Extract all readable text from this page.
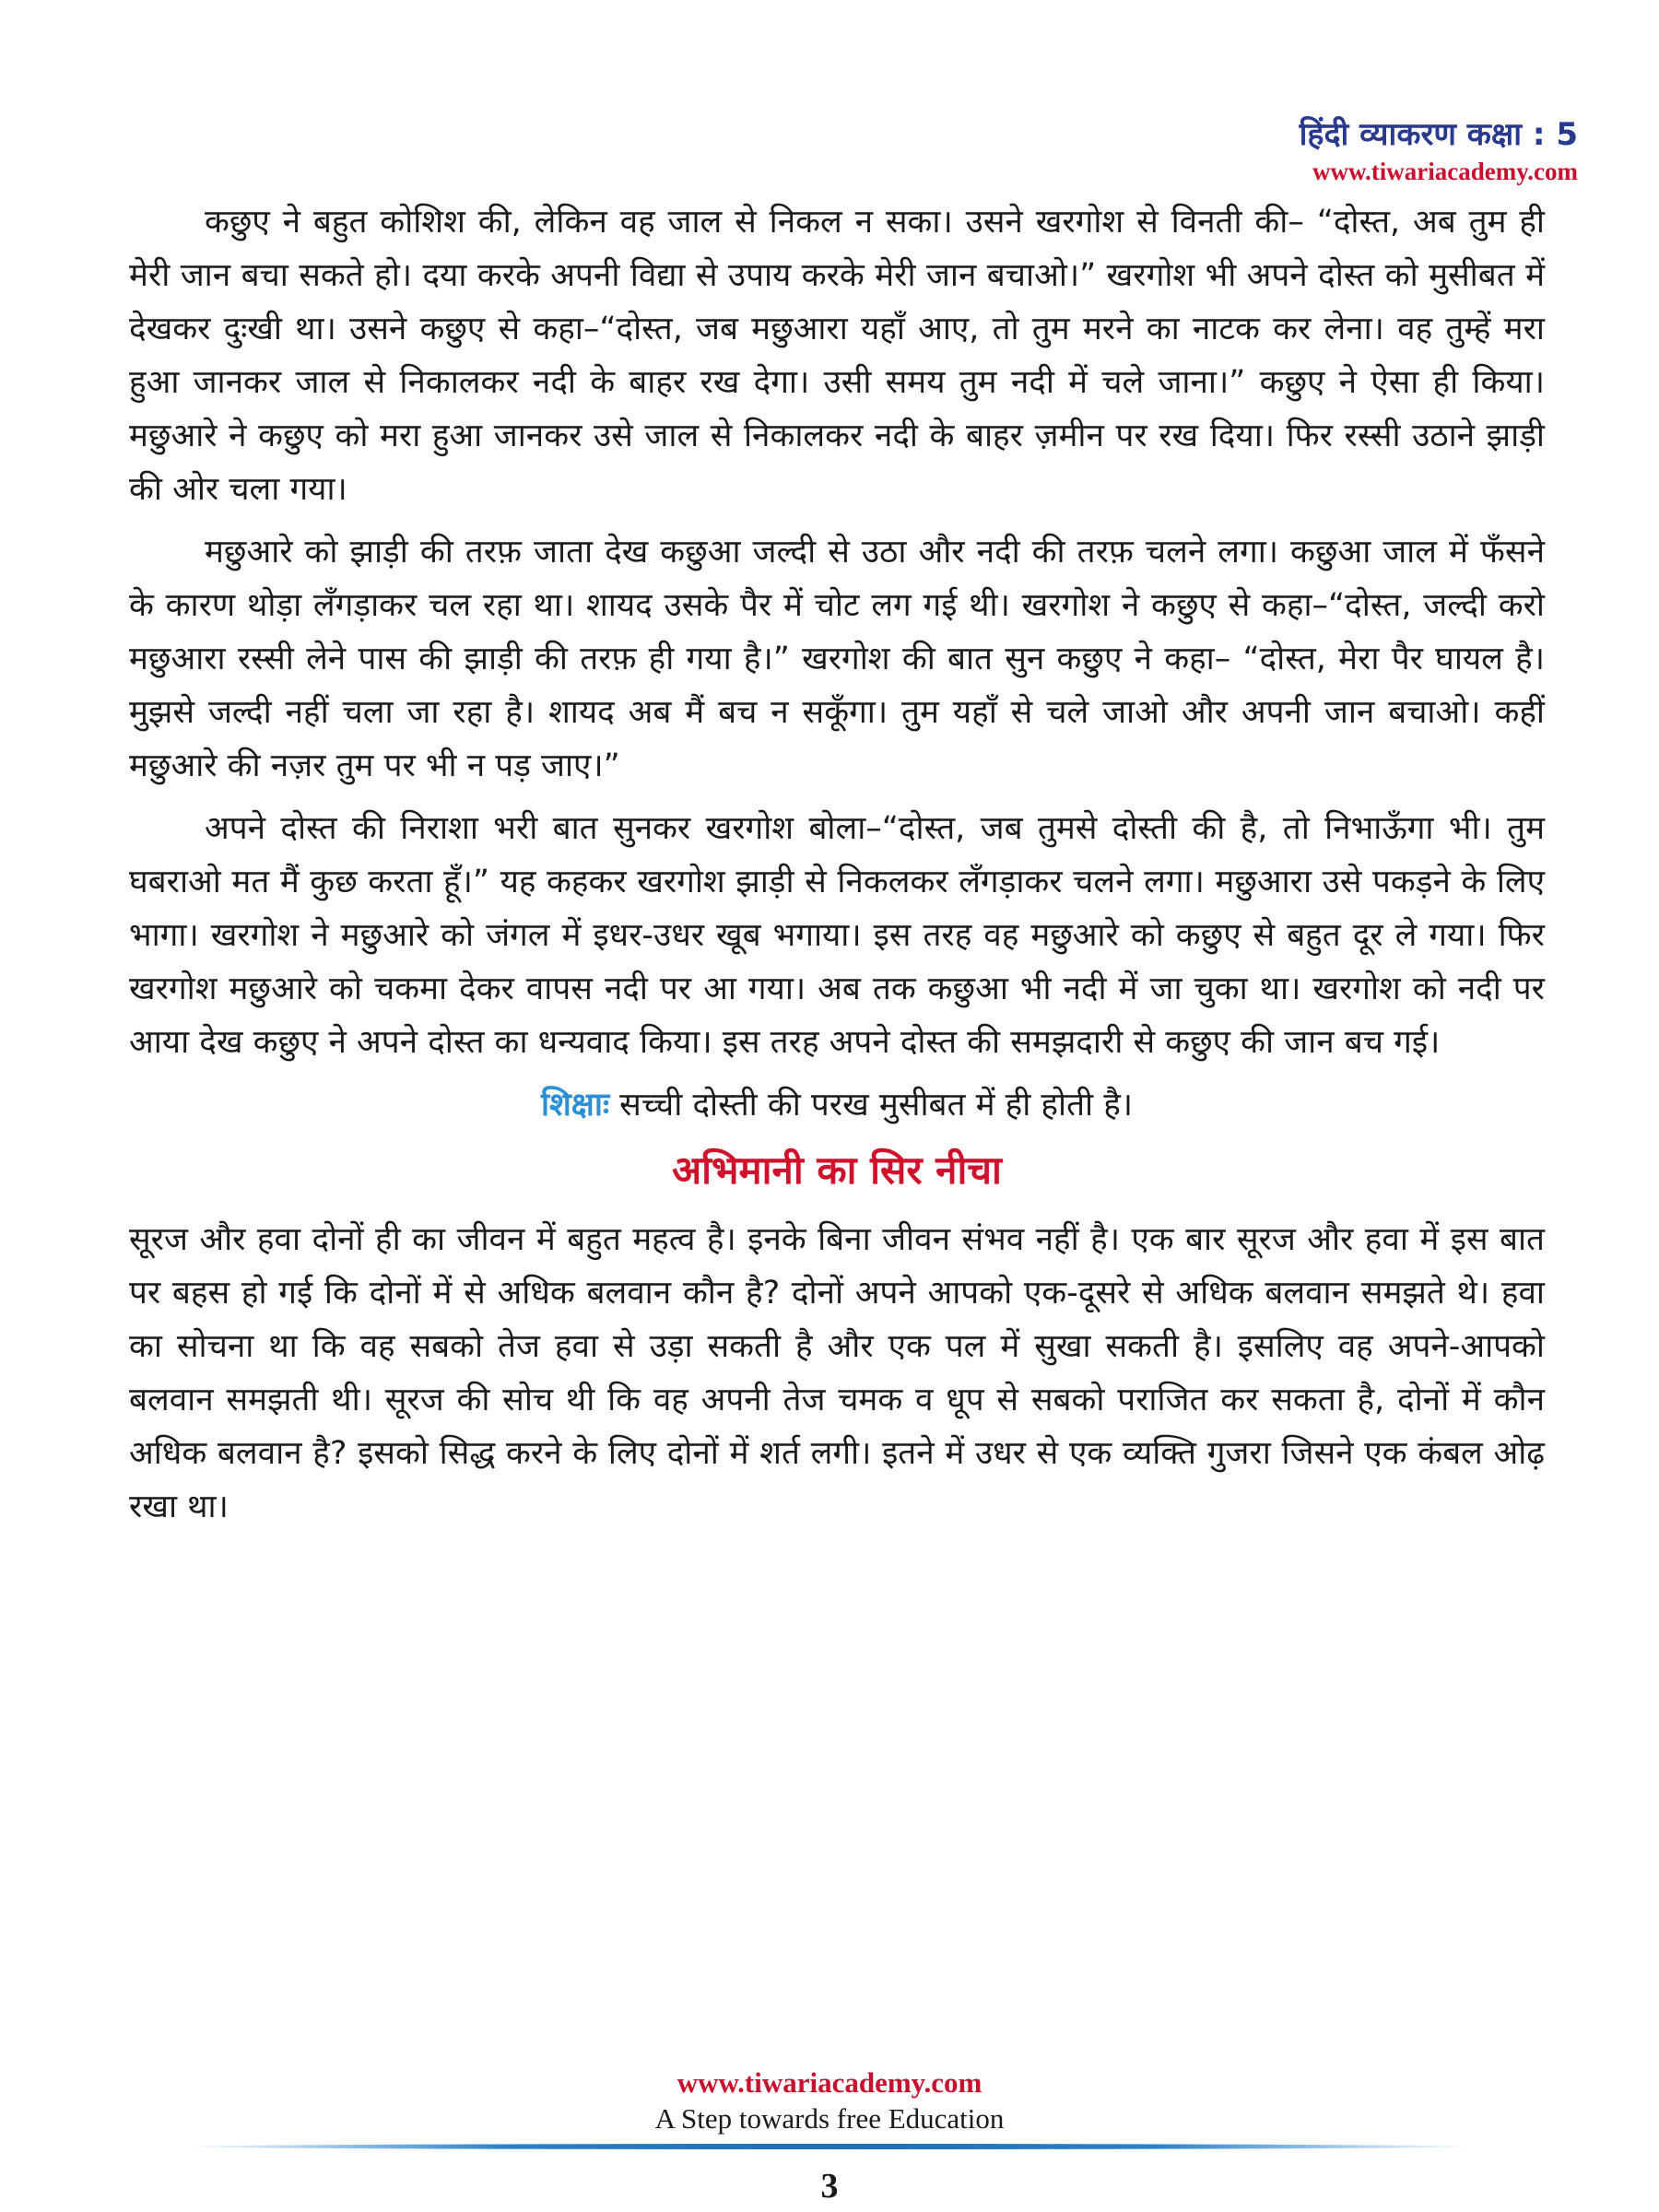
हिंदी व्याकरण कक्षा : 5
www.tiwariacademy.com

कछुए ने बहुत कोशिश की, लेकिन वह जाल से निकल न सका। उसने खरगोश से विनती की– “दोस्त, अब तुम ही मेरी जान बचा सकते हो। दया करके अपनी विद्या से उपाय करके मेरी जान बचाओ।” खरगोश भी अपने दोस्त को मुसीबत में देखकर दुःखी था। उसने कछुए से कहा–“दोस्त, जब मछुआरा यहाँ आए, तो तुम मरने का नाटक कर लेना। वह तुम्हें मरा हुआ जानकर जाल से निकालकर नदी के बाहर रख देगा। उसी समय तुम नदी में चले जाना।” कछुए ने ऐसा ही किया। मछुआरे ने कछुए को मरा हुआ जानकर उसे जाल से निकालकर नदी के बाहर ज़मीन पर रख दिया। फिर रस्सी उठाने झाड़ी की ओर चला गया।

मछुआरे को झाड़ी की तरफ़ जाता देख कछुआ जल्दी से उठा और नदी की तरफ़ चलने लगा। कछुआ जाल में फँसने के कारण थोड़ा लँगड़ाकर चल रहा था। शायद उसके पैर में चोट लग गई थी। खरगोश ने कछुए से कहा–“दोस्त, जल्दी करो मछुआरा रस्सी लेने पास की झाड़ी की तरफ़ ही गया है।” खरगोश की बात सुन कछुए ने कहा– “दोस्त, मेरा पैर घायल है। मुझसे जल्दी नहीं चला जा रहा है। शायद अब मैं बच न सकूँगा। तुम यहाँ से चले जाओ और अपनी जान बचाओ। कहीं मछुआरे की नज़र तुम पर भी न पड़ जाए।”

अपने दोस्त की निराशा भरी बात सुनकर खरगोश बोला–“दोस्त, जब तुमसे दोस्ती की है, तो निभाऊँगा भी। तुम घबराओ मत मैं कुछ करता हूँ।” यह कहकर खरगोश झाड़ी से निकलकर लँगड़ाकर चलने लगा। मछुआरा उसे पकड़ने के लिए भागा। खरगोश ने मछुआरे को जंगल में इधर-उधर खूब भगाया। इस तरह वह मछुआरे को कछुए से बहुत दूर ले गया। फिर खरगोश मछुआरे को चकमा देकर वापस नदी पर आ गया। अब तक कछुआ भी नदी में जा चुका था। खरगोश को नदी पर आया देख कछुए ने अपने दोस्त का धन्यवाद किया। इस तरह अपने दोस्त की समझदारी से कछुए की जान बच गई।

शिक्षाः सच्ची दोस्ती की परख मुसीबत में ही होती है।
अभिमानी का सिर नीचा

सूरज और हवा दोनों ही का जीवन में बहुत महत्व है। इनके बिना जीवन संभव नहीं है। एक बार सूरज और हवा में इस बात पर बहस हो गई कि दोनों में से अधिक बलवान कौन है? दोनों अपने आपको एक-दूसरे से अधिक बलवान समझते थे। हवा का सोचना था कि वह सबको तेज हवा से उड़ा सकती है और एक पल में सुखा सकती है। इसलिए वह अपने-आपको बलवान समझती थी। सूरज की सोच थी कि वह अपनी तेज चमक व धूप से सबको पराजित कर सकता है, दोनों में कौन अधिक बलवान है? इसको सिद्ध करने के लिए दोनों में शर्त लगी। इतने में उधर से एक व्यक्ति गुजरा जिसने एक कंबल ओढ़ रखा था।

www.tiwariacademy.com
A Step towards free Education
3
